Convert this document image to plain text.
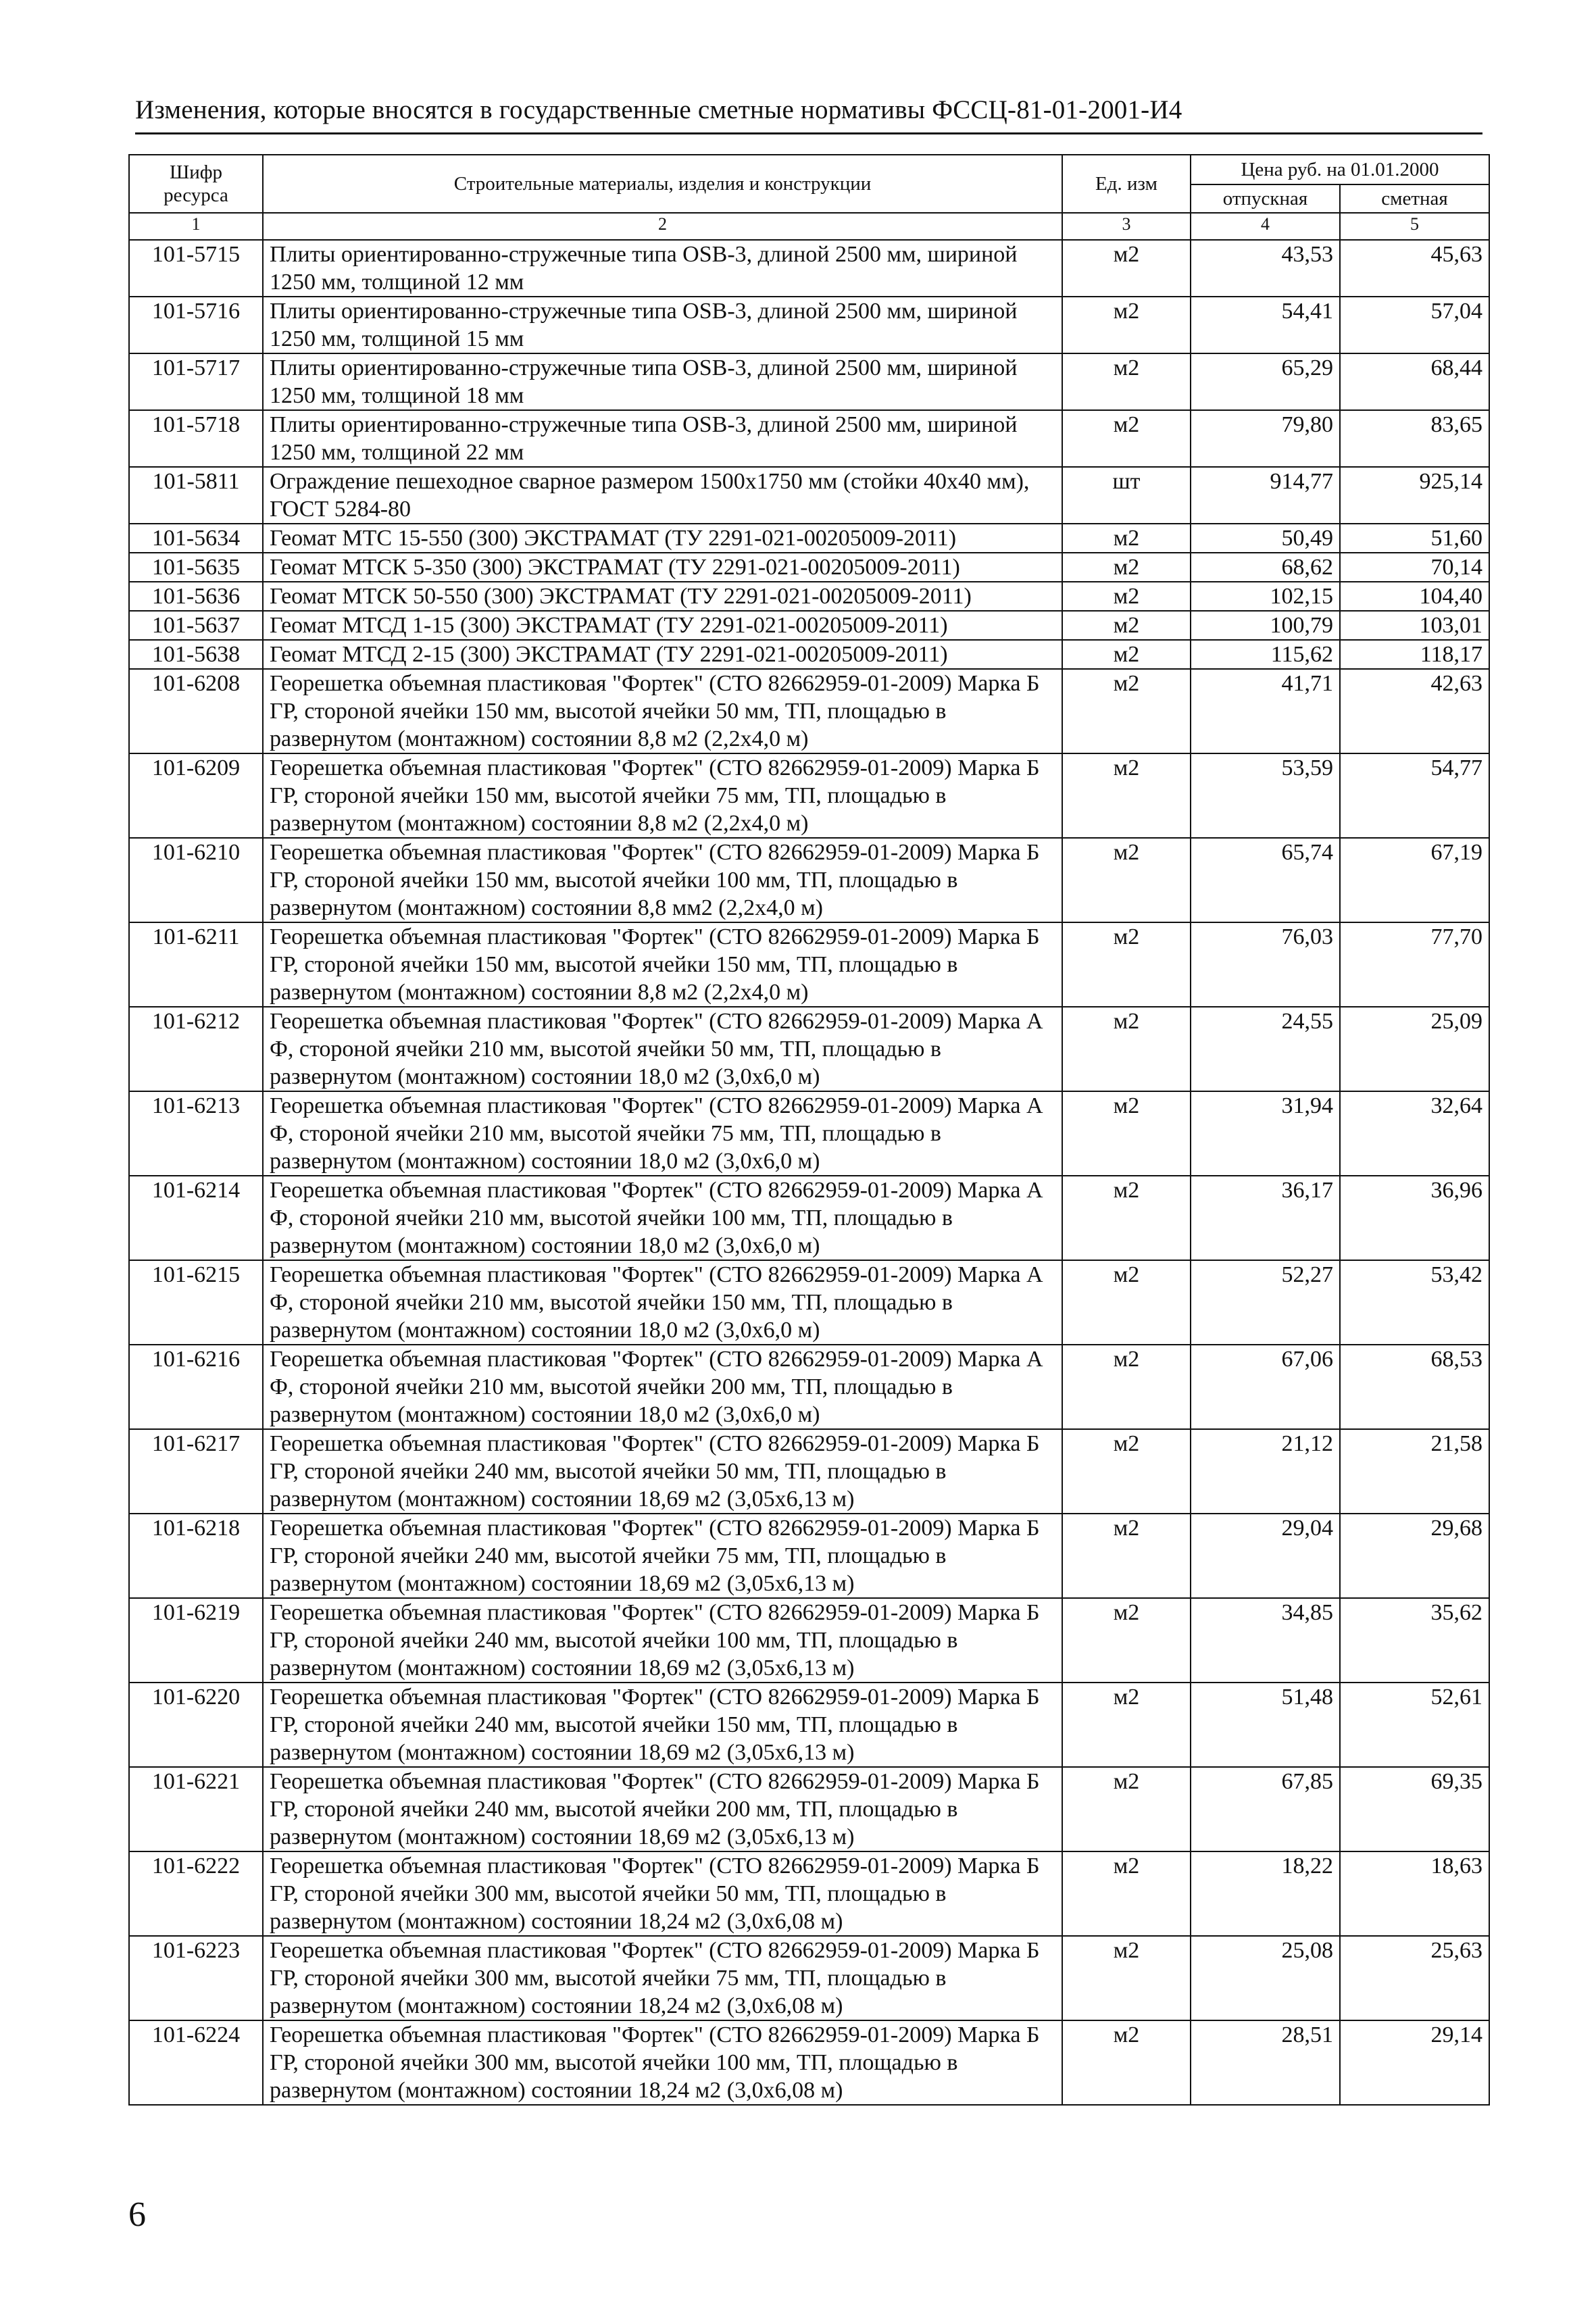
Изменения, которые вносятся в государственные сметные нормативы ФССЦ-81-01-2001-И4
Шифр ресурса	Строительные материалы, изделия и конструкции	Ед. изм	Цена руб. на 01.01.2000	
			отпускная	сметная
1	2	3	4	5
101-5715	Плиты ориентированно-стружечные типа OSB-3, длиной 2500 мм, шириной 1250 мм, толщиной 12 мм	м2	43,53	45,63
101-5716	Плиты ориентированно-стружечные типа OSB-3, длиной 2500 мм, шириной 1250 мм, толщиной 15 мм	м2	54,41	57,04
101-5717	Плиты ориентированно-стружечные типа OSB-3, длиной 2500 мм, шириной 1250 мм, толщиной 18 мм	м2	65,29	68,44
101-5718	Плиты ориентированно-стружечные типа OSB-3, длиной 2500 мм, шириной 1250 мм, толщиной 22 мм	м2	79,80	83,65
101-5811	Ограждение пешеходное сварное размером 1500х1750 мм (стойки 40х40 мм), ГОСТ 5284-80	шт	914,77	925,14
101-5634	Геомат МТС 15-550 (300) ЭКСТРАМАТ (ТУ 2291-021-00205009-2011)	м2	50,49	51,60
101-5635	Геомат МТСК 5-350 (300) ЭКСТРАМАТ (ТУ 2291-021-00205009-2011)	м2	68,62	70,14
101-5636	Геомат МТСК 50-550 (300) ЭКСТРАМАТ (ТУ 2291-021-00205009-2011)	м2	102,15	104,40
101-5637	Геомат МТСД 1-15 (300) ЭКСТРАМАТ (ТУ 2291-021-00205009-2011)	м2	100,79	103,01
101-5638	Геомат МТСД 2-15 (300) ЭКСТРАМАТ (ТУ 2291-021-00205009-2011)	м2	115,62	118,17
101-6208	Георешетка объемная пластиковая "Фортек" (СТО 82662959-01-2009) Марка Б ГР, стороной ячейки 150 мм, высотой ячейки 50 мм, ТП, площадью в развернутом (монтажном) состоянии 8,8 м2 (2,2х4,0 м)	м2	41,71	42,63
101-6209	Георешетка объемная пластиковая "Фортек" (СТО 82662959-01-2009) Марка Б ГР, стороной ячейки 150 мм, высотой ячейки 75 мм, ТП, площадью в развернутом (монтажном) состоянии 8,8 м2 (2,2х4,0 м)	м2	53,59	54,77
101-6210	Георешетка объемная пластиковая "Фортек" (СТО 82662959-01-2009) Марка Б ГР, стороной ячейки 150 мм, высотой ячейки 100 мм, ТП, площадью в развернутом (монтажном) состоянии 8,8 мм2 (2,2х4,0 м)	м2	65,74	67,19
101-6211	Георешетка объемная пластиковая "Фортек" (СТО 82662959-01-2009) Марка Б ГР, стороной ячейки 150 мм, высотой ячейки 150 мм, ТП, площадью в развернутом (монтажном) состоянии 8,8 м2 (2,2х4,0 м)	м2	76,03	77,70
101-6212	Георешетка объемная пластиковая "Фортек" (СТО 82662959-01-2009) Марка А Ф, стороной ячейки 210 мм, высотой ячейки 50 мм, ТП, площадью в развернутом (монтажном) состоянии 18,0 м2 (3,0х6,0 м)	м2	24,55	25,09
101-6213	Георешетка объемная пластиковая "Фортек" (СТО 82662959-01-2009) Марка А Ф, стороной ячейки 210 мм, высотой ячейки 75 мм, ТП, площадью в развернутом (монтажном) состоянии 18,0 м2 (3,0х6,0 м)	м2	31,94	32,64
101-6214	Георешетка объемная пластиковая "Фортек" (СТО 82662959-01-2009) Марка А Ф, стороной ячейки 210 мм, высотой ячейки 100 мм, ТП, площадью в развернутом (монтажном) состоянии 18,0 м2 (3,0х6,0 м)	м2	36,17	36,96
101-6215	Георешетка объемная пластиковая "Фортек" (СТО 82662959-01-2009) Марка А Ф, стороной ячейки 210 мм, высотой ячейки 150 мм, ТП, площадью в развернутом (монтажном) состоянии 18,0 м2 (3,0х6,0 м)	м2	52,27	53,42
101-6216	Георешетка объемная пластиковая "Фортек" (СТО 82662959-01-2009) Марка А Ф, стороной ячейки 210 мм, высотой ячейки 200 мм, ТП, площадью в развернутом (монтажном) состоянии 18,0 м2 (3,0х6,0 м)	м2	67,06	68,53
101-6217	Георешетка объемная пластиковая "Фортек" (СТО 82662959-01-2009) Марка Б ГР, стороной ячейки 240 мм, высотой ячейки 50 мм, ТП, площадью в развернутом (монтажном) состоянии 18,69 м2 (3,05х6,13 м)	м2	21,12	21,58
101-6218	Георешетка объемная пластиковая "Фортек" (СТО 82662959-01-2009) Марка Б ГР, стороной ячейки 240 мм, высотой ячейки 75 мм, ТП, площадью в развернутом (монтажном) состоянии 18,69 м2 (3,05х6,13 м)	м2	29,04	29,68
101-6219	Георешетка объемная пластиковая "Фортек" (СТО 82662959-01-2009) Марка Б ГР, стороной ячейки 240 мм, высотой ячейки 100 мм, ТП, площадью в развернутом (монтажном) состоянии 18,69 м2 (3,05х6,13 м)	м2	34,85	35,62
101-6220	Георешетка объемная пластиковая "Фортек" (СТО 82662959-01-2009) Марка Б ГР, стороной ячейки 240 мм, высотой ячейки 150 мм, ТП, площадью в развернутом (монтажном) состоянии 18,69 м2 (3,05х6,13 м)	м2	51,48	52,61
101-6221	Георешетка объемная пластиковая "Фортек" (СТО 82662959-01-2009) Марка Б ГР, стороной ячейки 240 мм, высотой ячейки 200 мм, ТП, площадью в развернутом (монтажном) состоянии 18,69 м2 (3,05х6,13 м)	м2	67,85	69,35
101-6222	Георешетка объемная пластиковая "Фортек" (СТО 82662959-01-2009) Марка Б ГР, стороной ячейки 300 мм, высотой ячейки 50 мм, ТП, площадью в развернутом (монтажном) состоянии 18,24 м2 (3,0х6,08 м)	м2	18,22	18,63
101-6223	Георешетка объемная пластиковая "Фортек" (СТО 82662959-01-2009) Марка Б ГР, стороной ячейки 300 мм, высотой ячейки 75 мм, ТП, площадью в развернутом (монтажном) состоянии 18,24 м2 (3,0х6,08 м)	м2	25,08	25,63
101-6224	Георешетка объемная пластиковая "Фортек" (СТО 82662959-01-2009) Марка Б ГР, стороной ячейки 300 мм, высотой ячейки 100 мм, ТП, площадью в развернутом (монтажном) состоянии 18,24 м2 (3,0х6,08 м)	м2	28,51	29,14
6
